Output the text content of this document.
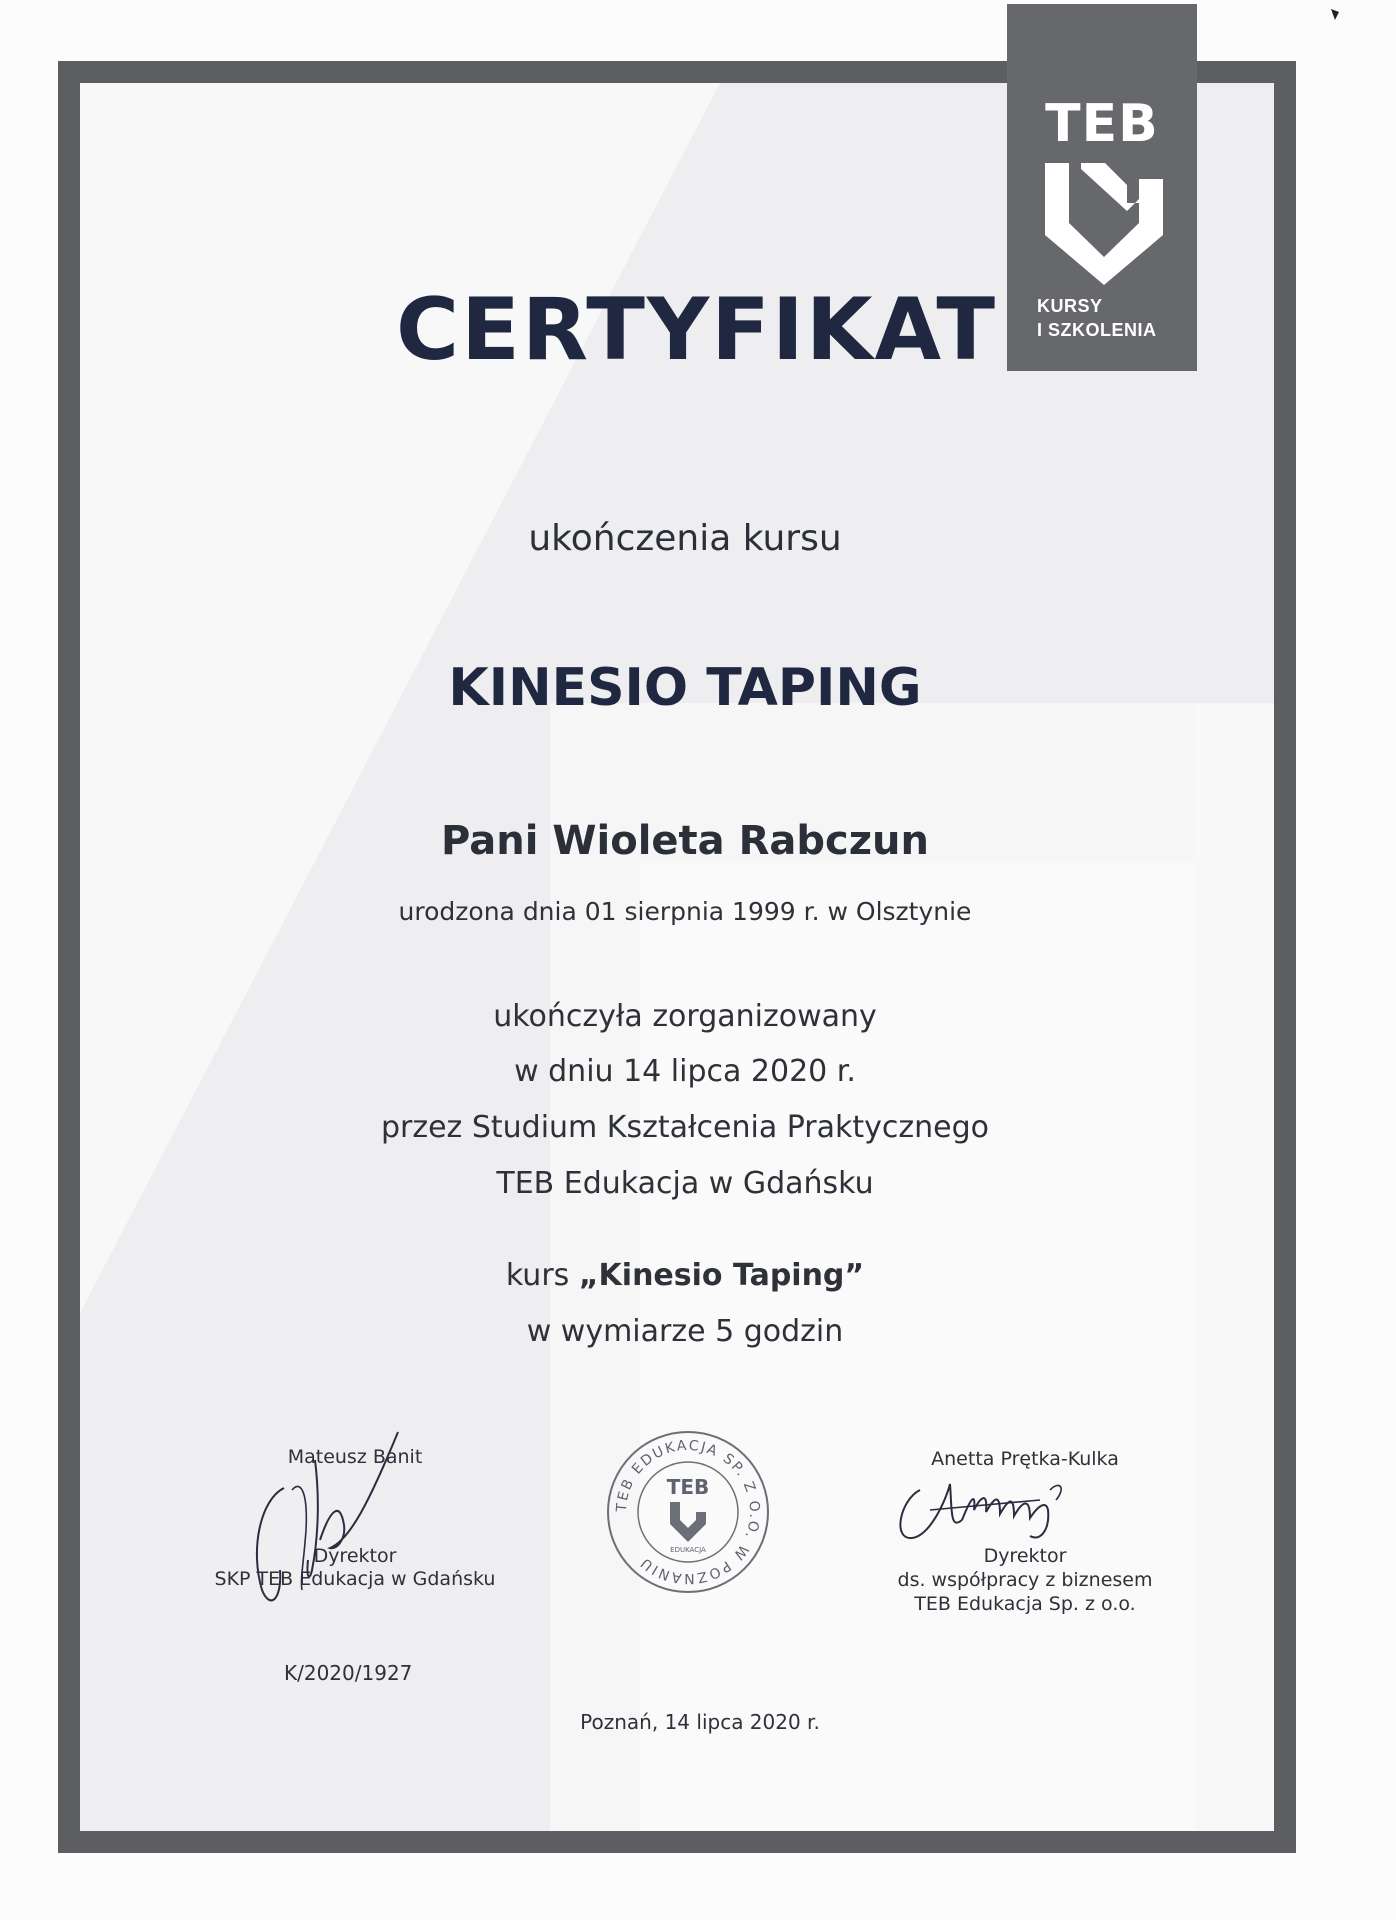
TEB
KURSY
I SZKOLENIA
CERTYFIKAT
ukończenia kursu
KINESIO TAPING
Pani Wioleta Rabczun
urodzona dnia 01 sierpnia 1999 r. w Olsztynie
ukończyła zorganizowany
w dniu 14 lipca 2020 r.
przez Studium Kształcenia Praktycznego
TEB Edukacja w Gdańsku
kurs „Kinesio Taping”
w wymiarze 5 godzin
Mateusz Banit
Dyrektor
SKP TEB Edukacja w Gdańsku
TEB EDUKACJA SP. Z O.O. W POZNANIU
TEB
EDUKACJA
Anetta Prętka-Kulka
Dyrektor
ds. współpracy z biznesem
TEB Edukacja Sp. z o.o.
K/2020/1927
Poznań, 14 lipca 2020 r.
